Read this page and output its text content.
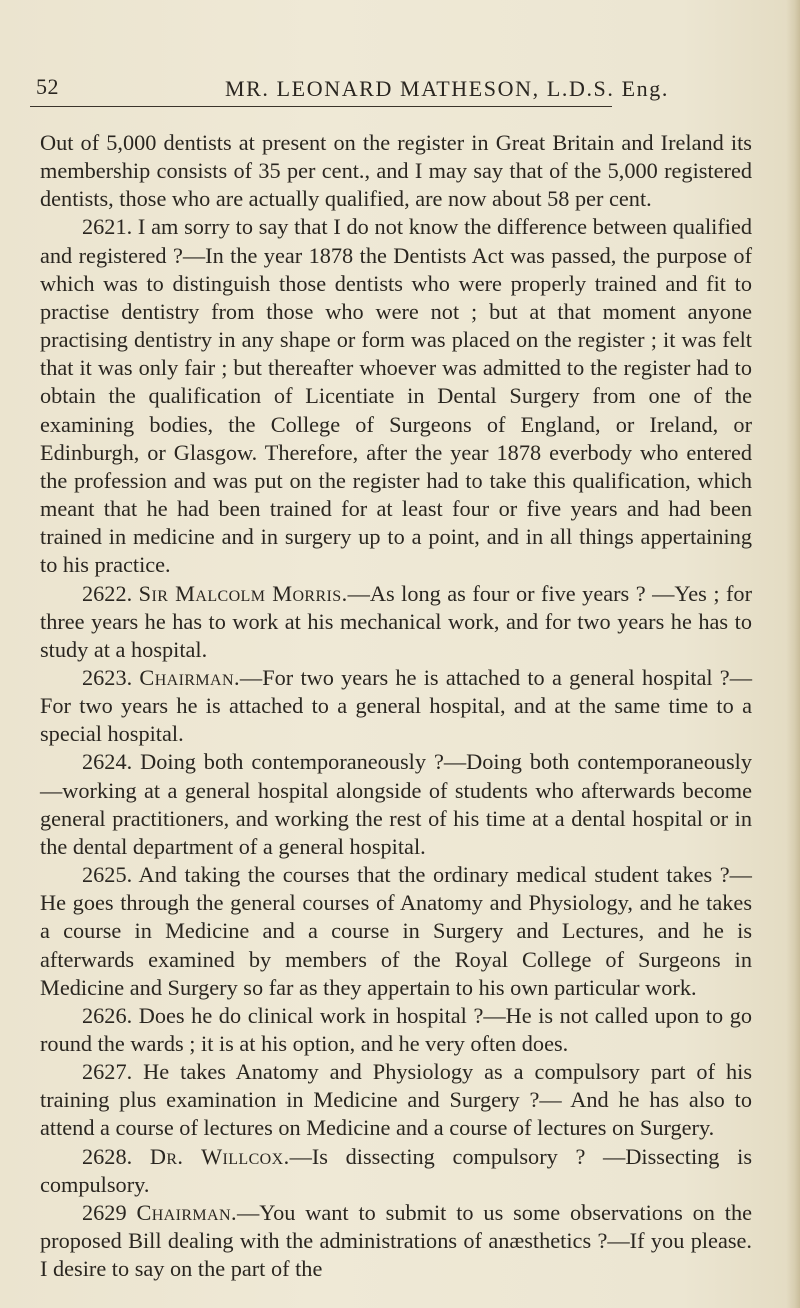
52	MR. LEONARD MATHESON, L.D.S. Eng.

Out of 5,000 dentists at present on the register in Great Britain and Ireland its membership consists of 35 per cent., and I may say that of the 5,000 registered dentists, those who are actually qualified, are now about 58 per cent.

2621. I am sorry to say that I do not know the difference between qualified and registered ?—In the year 1878 the Dentists Act was passed, the purpose of which was to distinguish those dentists who were properly trained and fit to practise dentistry from those who were not ; but at that moment anyone practising dentistry in any shape or form was placed on the register ; it was felt that it was only fair ; but thereafter whoever was admitted to the register had to obtain the qualification of Licentiate in Dental Surgery from one of the examining bodies, the College of Surgeons of England, or Ireland, or Edinburgh, or Glasgow. Therefore, after the year 1878 everbody who entered the profession and was put on the register had to take this qualification, which meant that he had been trained for at least four or five years and had been trained in medicine and in surgery up to a point, and in all things appertaining to his practice.

2622. Sir Malcolm Morris.—As long as four or five years ? —Yes ; for three years he has to work at his mechanical work, and for two years he has to study at a hospital.

2623. Chairman.—For two years he is attached to a general hospital ?—For two years he is attached to a general hospital, and at the same time to a special hospital.

2624. Doing both contemporaneously ?—Doing both contemporaneously—working at a general hospital alongside of students who afterwards become general practitioners, and working the rest of his time at a dental hospital or in the dental department of a general hospital.

2625. And taking the courses that the ordinary medical student takes ?—He goes through the general courses of Anatomy and Physiology, and he takes a course in Medicine and a course in Surgery and Lectures, and he is afterwards examined by members of the Royal College of Surgeons in Medicine and Surgery so far as they appertain to his own particular work.

2626. Does he do clinical work in hospital ?—He is not called upon to go round the wards ; it is at his option, and he very often does.

2627. He takes Anatomy and Physiology as a compulsory part of his training plus examination in Medicine and Surgery ?— And he has also to attend a course of lectures on Medicine and a course of lectures on Surgery.

2628. Dr. Willcox.—Is dissecting compulsory ? —Dissecting is compulsory.

2629 Chairman.—You want to submit to us some observations on the proposed Bill dealing with the administrations of anæsthetics ?—If you please. I desire to say on the part of the
